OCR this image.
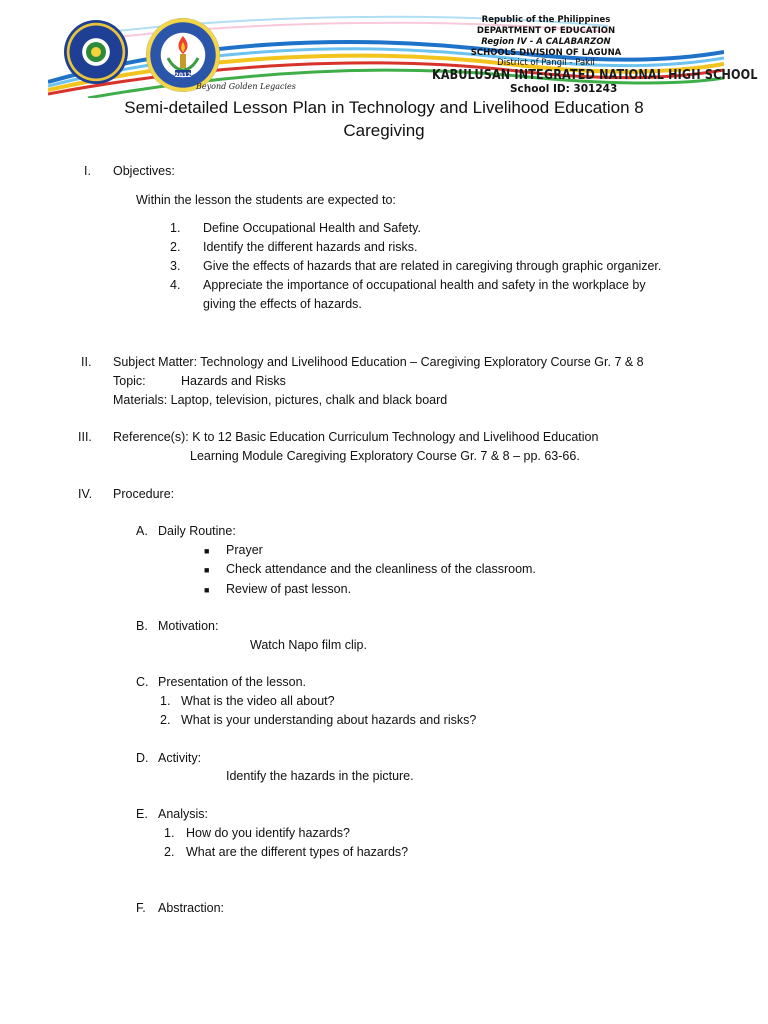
2012
Beyond Golden Legacies
Republic of the Philippines
DEPARTMENT OF EDUCATION
Region IV - A CALABARZON
SCHOOLS DIVISION OF LAGUNA
District of Pangil - Pakil
KABULUSAN INTEGRATED NATIONAL HIGH SCHOOL
School ID: 301243
Semi-detailed Lesson Plan in Technology and Livelihood Education 8
Caregiving
I. Objectives:
Within the lesson the students are expected to:
1. Define Occupational Health and Safety.
2. Identify the different hazards and risks.
3. Give the effects of hazards that are related in caregiving through graphic organizer.
4. Appreciate the importance of occupational health and safety in the workplace by
giving the effects of hazards.
II. Subject Matter: Technology and Livelihood Education – Caregiving Exploratory Course Gr. 7 & 8
Topic:	Hazards and Risks
Materials: Laptop, television, pictures, chalk and black board
III. Reference(s): K to 12 Basic Education Curriculum Technology and Livelihood Education
Learning Module Caregiving Exploratory Course Gr. 7 & 8 – pp. 63-66.
IV. Procedure:
A. Daily Routine:
■ Prayer
■ Check attendance and the cleanliness of the classroom.
■ Review of past lesson.
B. Motivation:
Watch Napo film clip.
C. Presentation of the lesson.
1. What is the video all about?
2. What is your understanding about hazards and risks?
D. Activity:
Identify the hazards in the picture.
E. Analysis:
1. How do you identify hazards?
2. What are the different types of hazards?
F. Abstraction:
